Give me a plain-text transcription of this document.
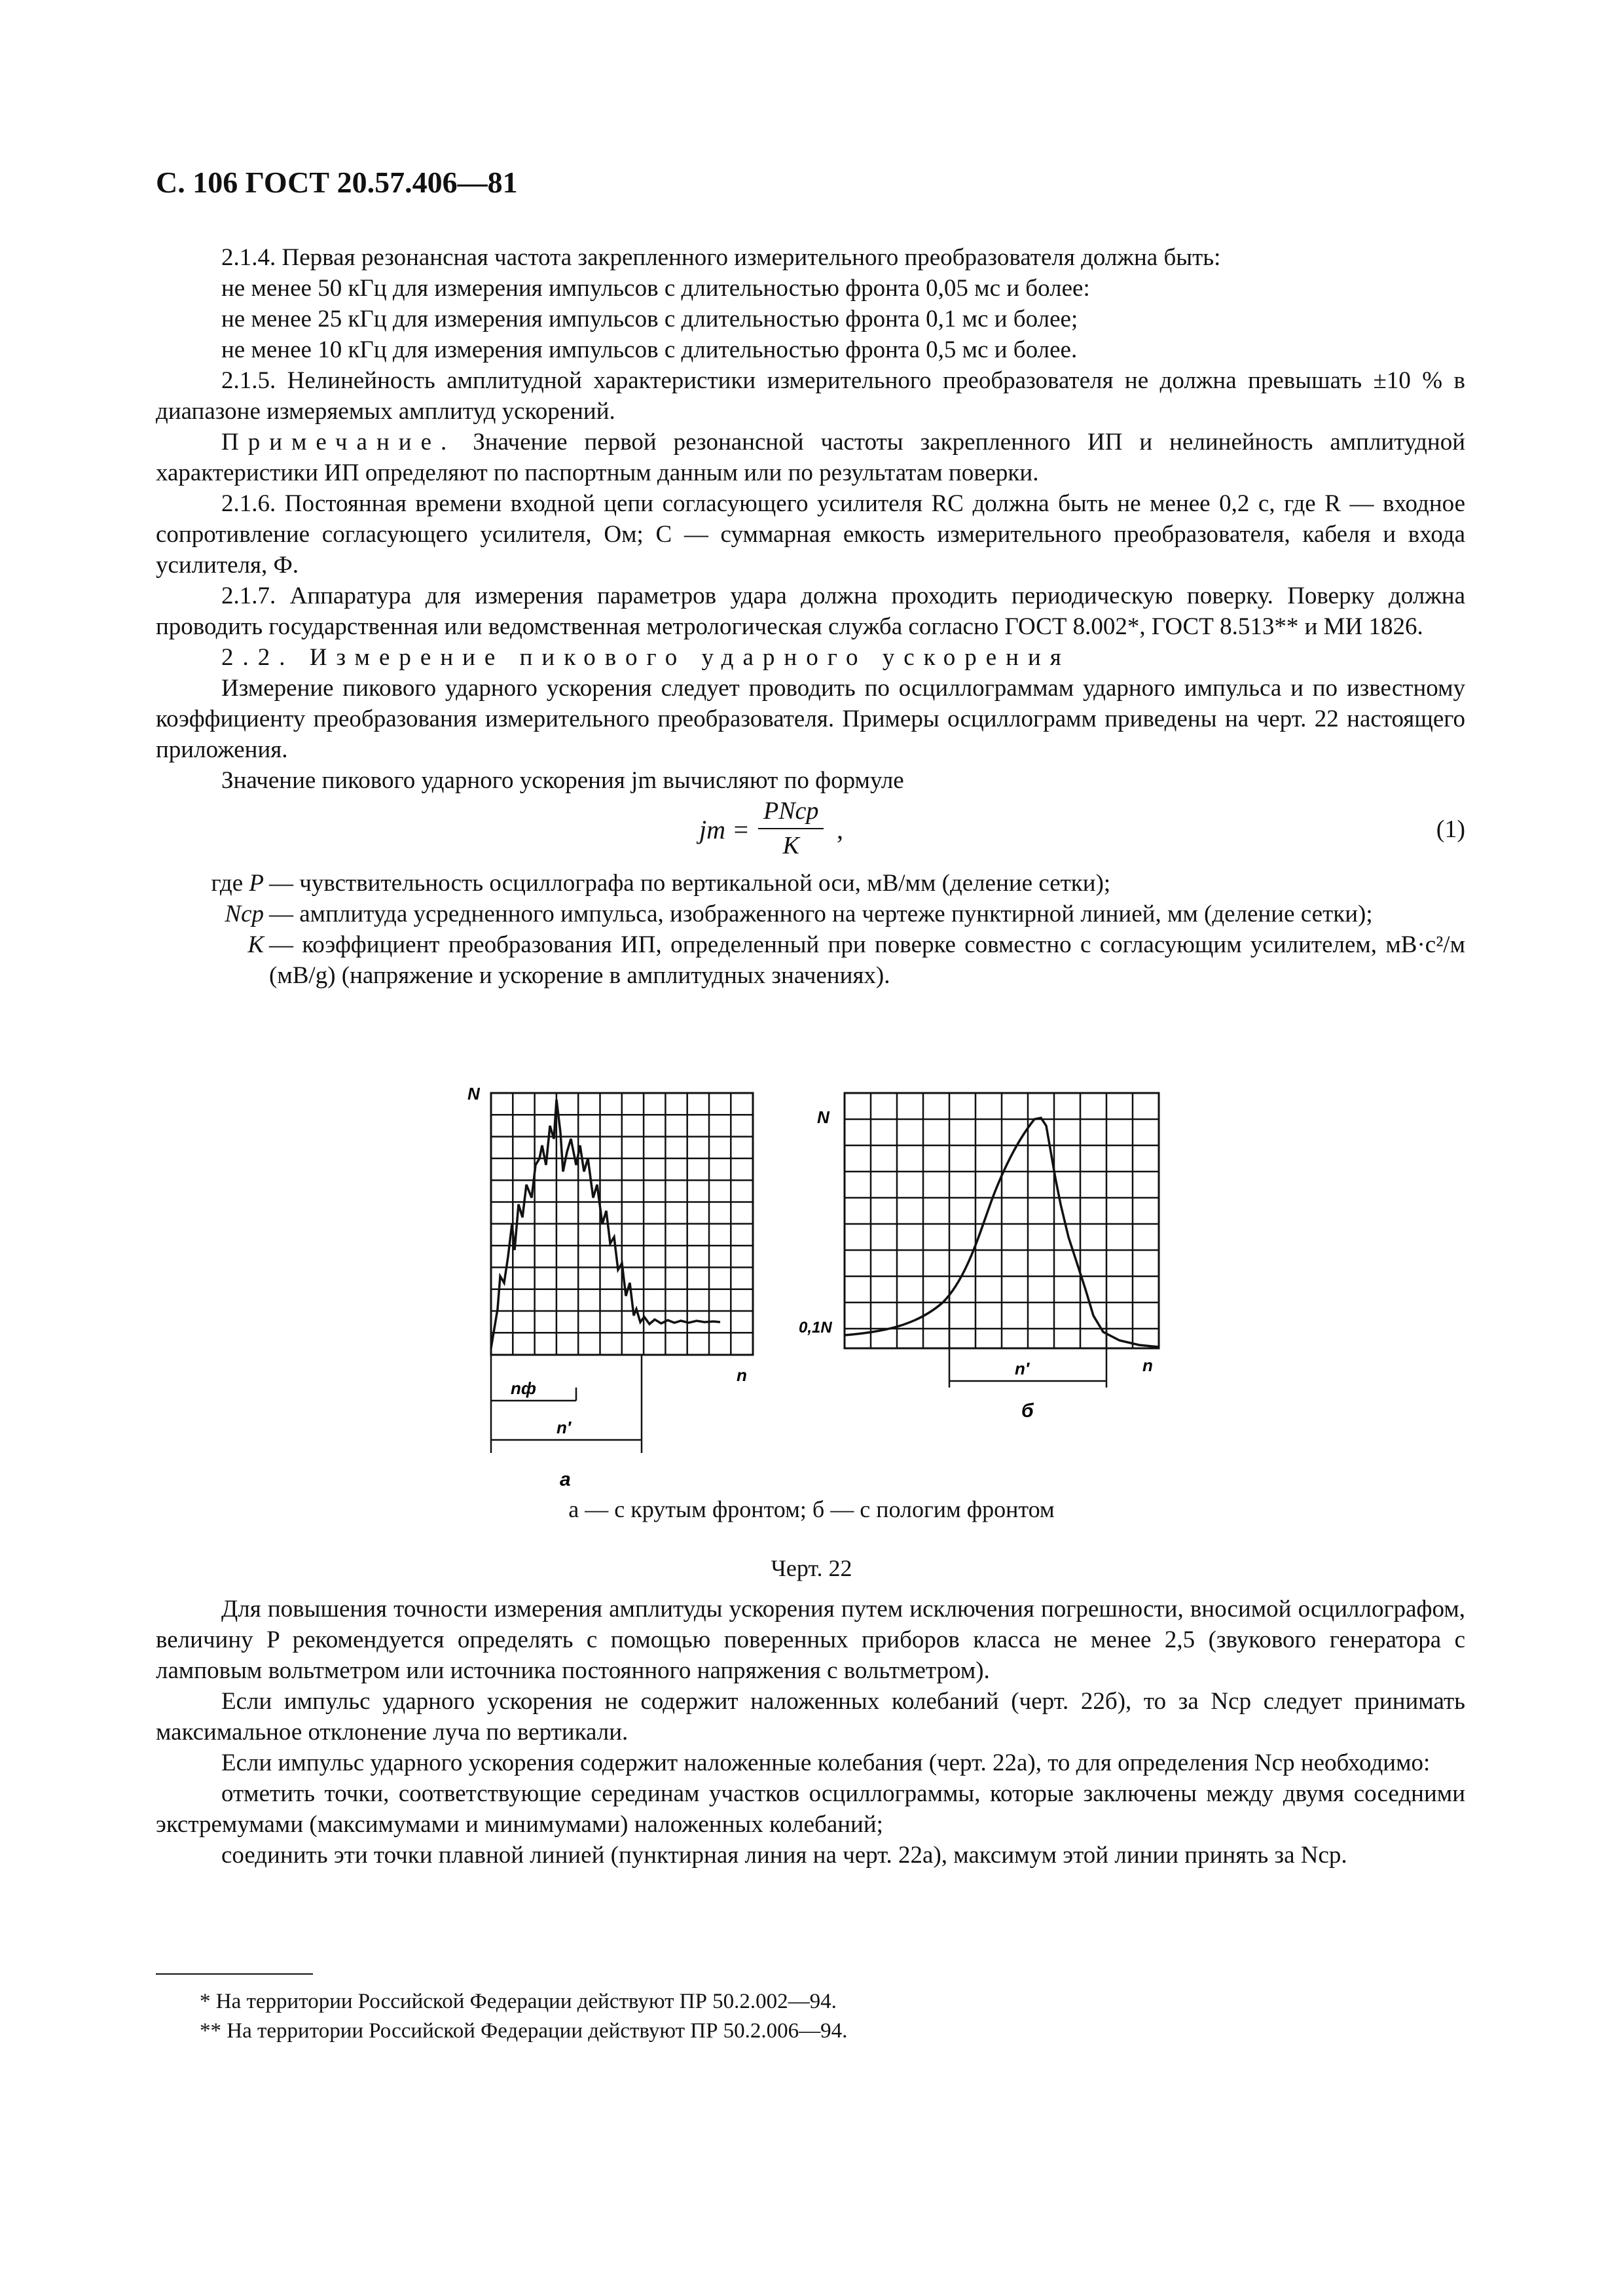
С. 106 ГОСТ 20.57.406—81

2.1.4. Первая резонансная частота закрепленного измерительного преобразователя должна быть:

не менее 50 кГц для измерения импульсов с длительностью фронта 0,05 мс и более:

не менее 25 кГц для измерения импульсов с длительностью фронта 0,1 мс и более;

не менее 10 кГц для измерения импульсов с длительностью фронта 0,5 мс и более.

2.1.5. Нелинейность амплитудной характеристики измерительного преобразователя не должна превышать ±10 % в диапазоне измеряемых амплитуд ускорений.

Примечание. Значение первой резонансной частоты закрепленного ИП и нелинейность амплитудной характеристики ИП определяют по паспортным данным или по результатам поверки.

2.1.6. Постоянная времени входной цепи согласующего усилителя RC должна быть не менее 0,2 с, где R — входное сопротивление согласующего усилителя, Ом; С — суммарная емкость измерительного преобразователя, кабеля и входа усилителя, Ф.

2.1.7. Аппаратура для измерения параметров удара должна проходить периодическую поверку. Поверку должна проводить государственная или ведомственная метрологическая служба согласно ГОСТ 8.002*, ГОСТ 8.513** и МИ 1826.

2.2. Измерение пикового ударного ускорения

Измерение пикового ударного ускорения следует проводить по осциллограммам ударного импульса и по известному коэффициенту преобразования измерительного преобразователя. Примеры осциллограмм приведены на черт. 22 настоящего приложения.

Значение пикового ударного ускорения jm вычисляют по формуле

jm =
PNср
K
,	(1)
где P — чувствительность осциллографа по вертикальной оси, мВ/мм (деление сетки);
Nср — амплитуда усредненного импульса, изображенного на чертеже пунктирной линией, мм (деление сетки);
K — коэффициент преобразования ИП, определенный при поверке совместно с согласующим усилителем, мВ·с²/м (мВ/g) (напряжение и ускорение в амплитудных значениях).
N
n
nф
n′
а
N
0,1N
n
n′
б
а — с крутым фронтом; б — с пологим фронтом
Черт. 22

Для повышения точности измерения амплитуды ускорения путем исключения погрешности, вносимой осциллографом, величину P рекомендуется определять с помощью поверенных приборов класса не менее 2,5 (звукового генератора с ламповым вольтметром или источника постоянного напряжения с вольтметром).

Если импульс ударного ускорения не содержит наложенных колебаний (черт. 22б), то за Nср следует принимать максимальное отклонение луча по вертикали.

Если импульс ударного ускорения содержит наложенные колебания (черт. 22а), то для определения Nср необходимо:

отметить точки, соответствующие серединам участков осциллограммы, которые заключены между двумя соседними экстремумами (максимумами и минимумами) наложенных колебаний;

соединить эти точки плавной линией (пунктирная линия на черт. 22а), максимум этой линии принять за Nср.

* На территории Российской Федерации действуют ПР 50.2.002—94.
** На территории Российской Федерации действуют ПР 50.2.006—94.
